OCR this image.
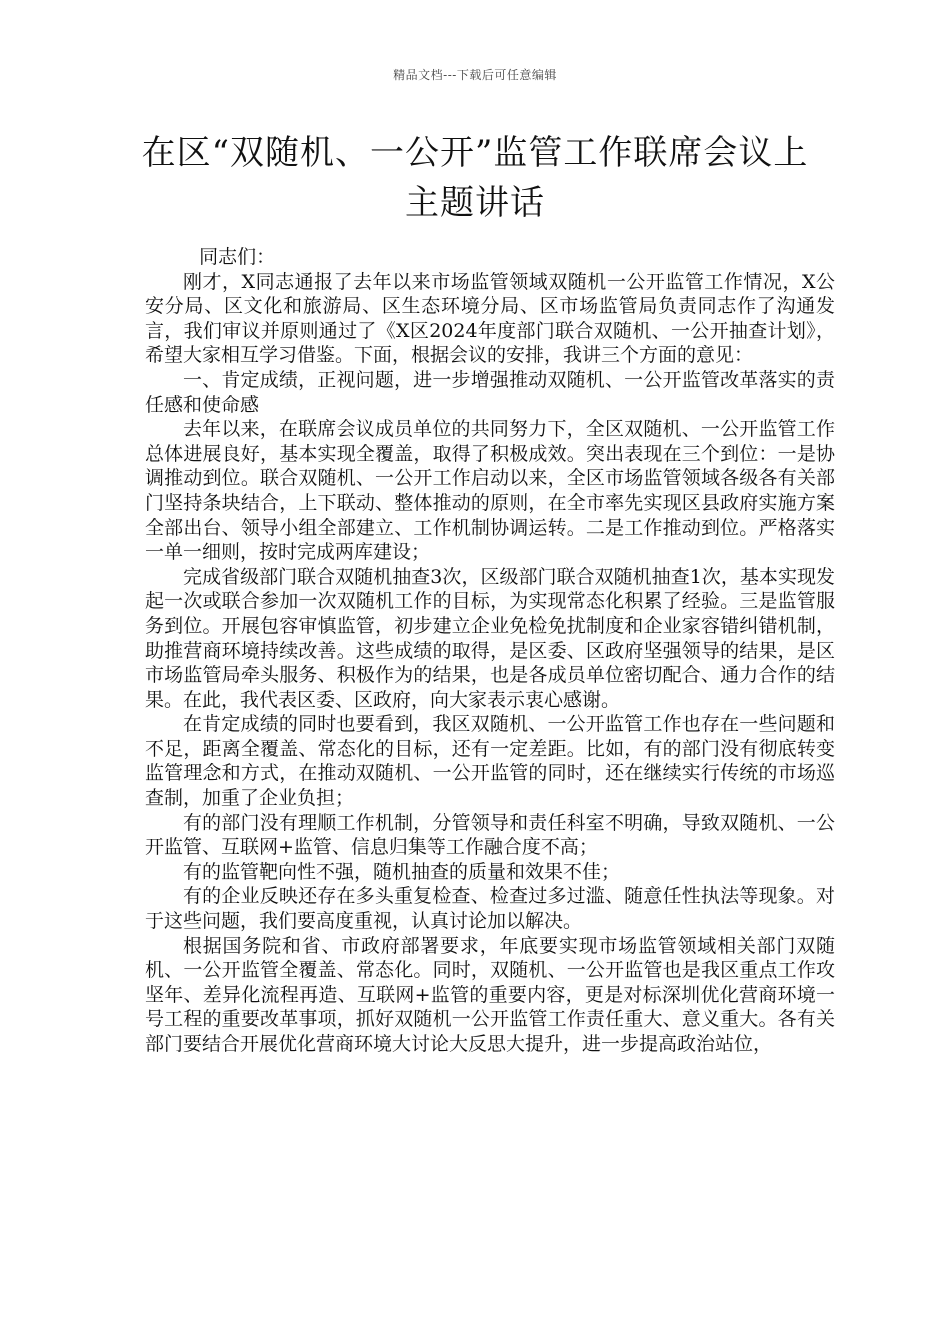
精品文档---下载后可任意编辑
在区“双随机、一公开”监管工作联席会议上主题讲话

同志们：

刚才，X同志通报了去年以来市场监管领域双随机一公开监管工作情况，X公安分局、区文化和旅游局、区生态环境分局、区市场监管局负责同志作了沟通发言，我们审议并原则通过了《X区2024年度部门联合双随机、一公开抽查计划》，希望大家相互学习借鉴。下面，根据会议的安排，我讲三个方面的意见：

一、肯定成绩，正视问题，进一步增强推动双随机、一公开监管改革落实的责任感和使命感

去年以来，在联席会议成员单位的共同努力下，全区双随机、一公开监管工作总体进展良好，基本实现全覆盖，取得了积极成效。突出表现在三个到位：一是协调推动到位。联合双随机、一公开工作启动以来，全区市场监管领域各级各有关部门坚持条块结合，上下联动、整体推动的原则，在全市率先实现区县政府实施方案全部出台、领导小组全部建立、工作机制协调运转。二是工作推动到位。严格落实一单一细则，按时完成两库建设；

完成省级部门联合双随机抽查3次，区级部门联合双随机抽查1次，基本实现发起一次或联合参加一次双随机工作的目标，为实现常态化积累了经验。三是监管服务到位。开展包容审慎监管，初步建立企业免检免扰制度和企业家容错纠错机制，助推营商环境持续改善。这些成绩的取得，是区委、区政府坚强领导的结果，是区市场监管局牵头服务、积极作为的结果，也是各成员单位密切配合、通力合作的结果。在此，我代表区委、区政府，向大家表示衷心感谢。

在肯定成绩的同时也要看到，我区双随机、一公开监管工作也存在一些问题和不足，距离全覆盖、常态化的目标，还有一定差距。比如，有的部门没有彻底转变监管理念和方式，在推动双随机、一公开监管的同时，还在继续实行传统的市场巡查制，加重了企业负担；

有的部门没有理顺工作机制，分管领导和责任科室不明确，导致双随机、一公开监管、互联网+监管、信息归集等工作融合度不高；

有的监管靶向性不强，随机抽查的质量和效果不佳；

有的企业反映还存在多头重复检查、检查过多过滥、随意任性执法等现象。对于这些问题，我们要高度重视，认真讨论加以解决。

根据国务院和省、市政府部署要求，年底要实现市场监管领域相关部门双随机、一公开监管全覆盖、常态化。同时，双随机、一公开监管也是我区重点工作攻坚年、差异化流程再造、互联网+监管的重要内容，更是对标深圳优化营商环境一号工程的重要改革事项，抓好双随机一公开监管工作责任重大、意义重大。各有关部门要结合开展优化营商环境大讨论大反思大提升，进一步提高政治站位，
